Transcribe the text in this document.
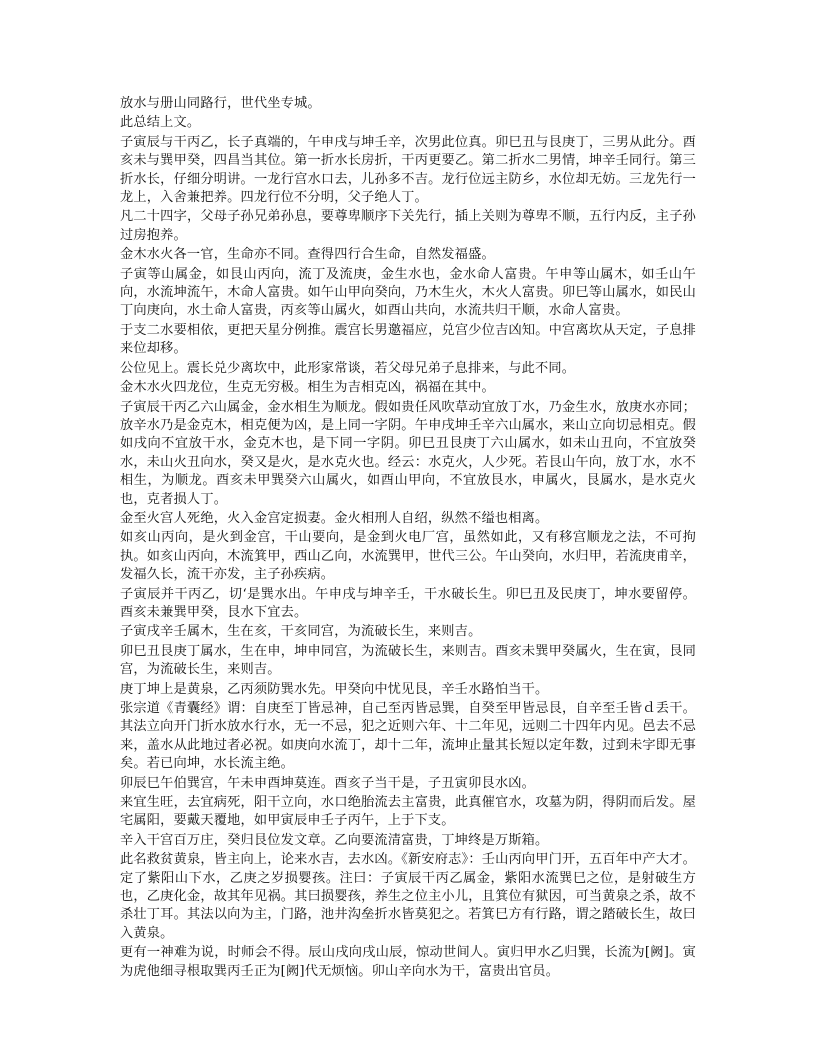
放水与册山同路行，世代坐专城。

此总结上文。

子寅辰与干丙乙，长子真端的，午申戌与坤壬辛，次男此位真。卯巳丑与艮庚丁，三男从此分。酉亥未与巽甲癸，四昌当其位。第一折水长房折，干丙更要乙。第二折水二男情，坤辛壬同行。第三折水长，仔细分明讲。一龙行宫水口去，儿孙多不吉。龙行位远主防乡，水位却无妨。三龙先行一龙上，入舍兼把养。四龙行位不分明，父子绝人丁。

凡二十四字，父母子孙兄弟孙息，要尊卑顺序下关先行，插上关则为尊卑不顺，五行内反，主子孙过房抱养。

金木水火各一官，生命亦不同。查得四行合生命，自然发福盛。

子寅等山属金，如艮山丙向，流丁及流庚，金生水也，金水命人富贵。午申等山属木，如壬山午向，水流坤流午，木命人富贵。如午山甲向癸向，乃木生火，木火人富贵。卯巳等山属水，如民山丁向庚向，水土命人富贵，丙亥等山属火，如酉山共向，水流共归干顺，水命人富贵。

于支二水要相依，更把天星分例推。震宫长男邀福应，兑宫少位吉凶知。中宫离坎从天定，子息排来位却移。

公位见上。震长兑少离坎中，此形家常谈，若父母兄弟子息排来，与此不同。

金木水火四龙位，生克无穷极。相生为吉相克凶，祸福在其中。

子寅辰干丙乙六山属金，金水相生为顺龙。假如贵任风吹草动宜放丁水，乃金生水，放庚水亦同；放辛水乃是金克木，相克便为凶，是上同一字阴。午申戌坤壬辛六山属水，来山立向切忌相克。假如戌向不宜放干水，金克木也，是下同一字阴。卯巳丑艮庚丁六山属水，如未山丑向，不宜放癸水，未山火丑向水，癸又是火，是水克火也。经云：水克火，人少死。若艮山午向，放丁水，水不相生，为顺龙。酉亥未甲巽癸六山属火，如酉山甲向，不宜放艮水，申属火，艮属水，是水克火也，克者损人丁。

金至火宫人死绝，火入金宫定损妻。金火相刑人自绍，纵然不缢也相离。

如亥山丙向，是火到金宫，干山要向，是金到火电厂宫，虽然如此，又有移宫顺龙之法，不可拘执。如亥山丙向，木流箕甲，西山乙向，水流巽甲，世代三公。午山癸向，水归甲，若流庚甫辛，发福久长，流干亦发，主子孙疾病。

子寅辰并干丙乙，切‘是巽水出。午申戌与坤辛壬，干水破长生。卯巳丑及民庚丁，坤水要留停。酉亥未兼巽甲癸，艮水下宜去。

子寅戌辛壬属木，生在亥，干亥同宫，为流破长生，来则吉。

卯巳丑艮庚丁属水，生在申，坤申同宫，为流破长生，来则吉。酉亥未巽甲癸属火，生在寅，艮同宫，为流破长生，来则吉。

庚丁坤上是黄泉，乙丙须防巽水先。甲癸向中忧见艮，辛壬水路怕当干。

张宗道《青囊经》谓：自庚至丁皆忌神，自己至丙皆忌巽，自癸至甲皆忌艮，自辛至壬皆ｄ丢干。其法立向开门折水放水行水，无一不忌，犯之近则六年、十二年见，远则二十四年内见。邑去不忌来，盖水从此地过者必祝。如庚向水流丁，却十二年，流坤止量其长短以定年数，过到未字即无事矣。若已向坤，水长流主绝。

卯辰巳午伯巽宫，午未申酉坤莫连。酉亥子当干是，子丑寅卯艮水凶。

来宜生旺，去宜病死，阳干立向，水口绝胎流去主富贵，此真催官水，攻墓为阴，得阴而后发。屋宅属阳，要戴天覆地，如甲寅辰申壬子丙午，上于下支。

辛入干宫百万庄，癸归艮位发文章。乙向要流清富贵，丁坤终是万斯箱。

此名救贫黄泉，皆主向上，论来水吉，去水凶。《新安府志》：壬山丙向甲门开，五百年中产大才。定了紫阳山下水，乙庚之岁损婴孩。注曰：子寅辰干丙乙属金，紫阳水流巽巳之位，是射破生方也，乙庚化金，故其年见祸。其曰损婴孩，养生之位主小儿，且箕位有狱因，可当黄泉之杀，故不杀壮丁耳。其法以向为主，门路，池井沟垒折水皆莫犯之。若箕巳方有行路，谓之踏破长生，故曰入黄泉。

更有一神难为说，时师会不得。辰山戌向戌山辰，惊动世间人。寅归甲水乙归巽，长流为[阙]。寅为虎他细寻根取巽丙壬正为[阙]代无烦恼。卯山辛向水为干，富贵出官员。
